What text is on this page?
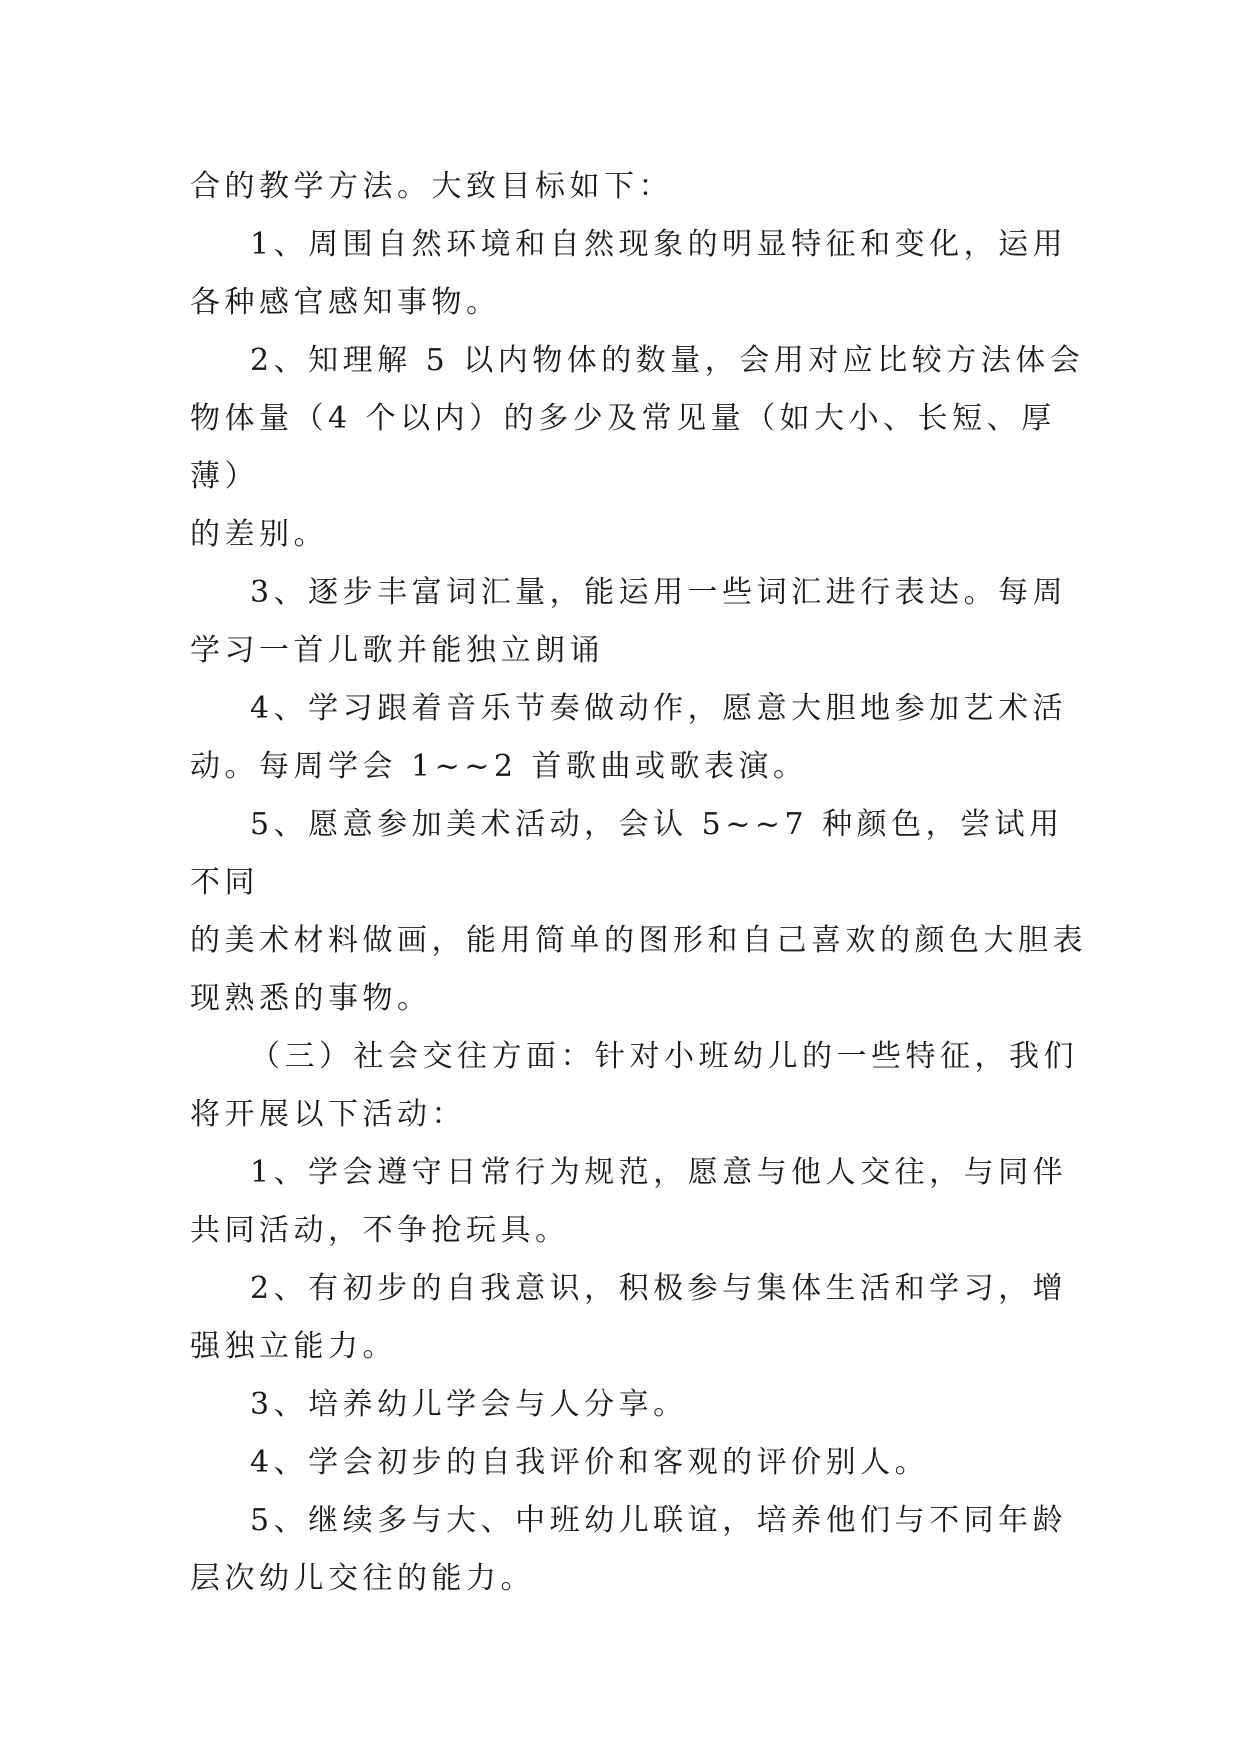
合的教学方法。大致目标如下：

1、周围自然环境和自然现象的明显特征和变化，运用
各种感官感知事物。

2、知理解 5 以内物体的数量，会用对应比较方法体会
物体量（4 个以内）的多少及常见量（如大小、长短、厚薄）
的差别。

3、逐步丰富词汇量，能运用一些词汇进行表达。每周
学习一首儿歌并能独立朗诵

4、学习跟着音乐节奏做动作，愿意大胆地参加艺术活
动。每周学会 1~~2 首歌曲或歌表演。

5、愿意参加美术活动，会认 5~~7 种颜色，尝试用不同
的美术材料做画，能用简单的图形和自己喜欢的颜色大胆表
现熟悉的事物。

（三）社会交往方面：针对小班幼儿的一些特征，我们
将开展以下活动：

1、学会遵守日常行为规范，愿意与他人交往，与同伴
共同活动，不争抢玩具。

2、有初步的自我意识，积极参与集体生活和学习，增
强独立能力。

3、培养幼儿学会与人分享。

4、学会初步的自我评价和客观的评价别人。

5、继续多与大、中班幼儿联谊，培养他们与不同年龄
层次幼儿交往的能力。
